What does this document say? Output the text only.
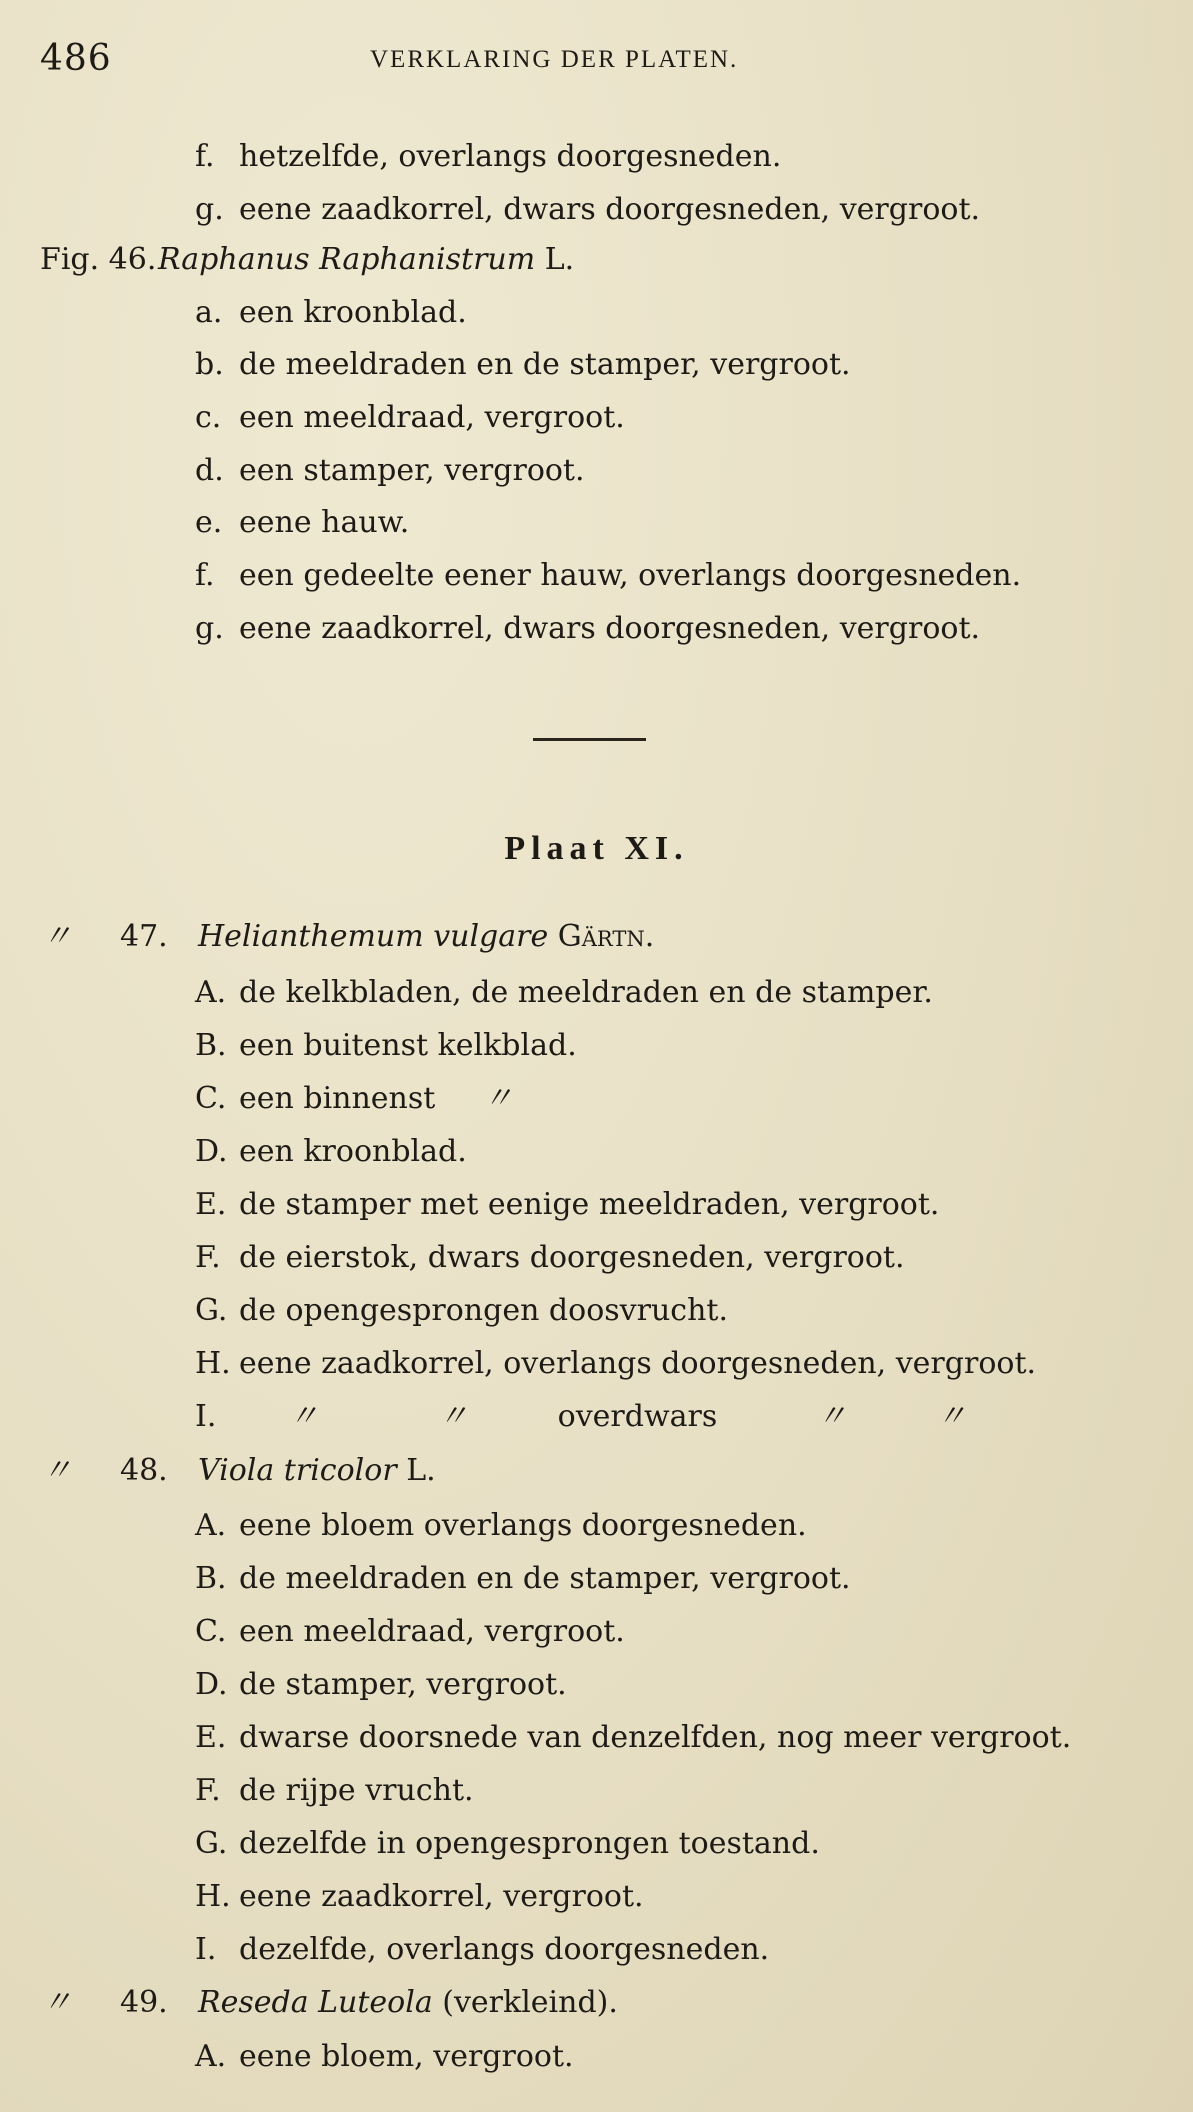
486	VERKLARING DER PLATEN.
f. hetzelfde, overlangs doorgesneden.
g. eene zaadkorrel, dwars doorgesneden, vergroot.
Fig. 46.Raphanus Raphanistrum L.
a. een kroonblad.
b. de meeldraden en de stamper, vergroot.
c. een meeldraad, vergroot.
d. een stamper, vergroot.
e. eene hauw.
f. een gedeelte eener hauw, overlangs doorgesneden.
g. eene zaadkorrel, dwars doorgesneden, vergroot.
Plaat XI.
〃 47. Helianthemum vulgare Gärtn.
A. de kelkbladen, de meeldraden en de stamper.
B. een buitenst kelkblad.
C. een binnenst 〃
D. een kroonblad.
E. de stamper met eenige meeldraden, vergroot.
F. de eierstok, dwars doorgesneden, vergroot.
G. de opengesprongen doosvrucht.
H. eene zaadkorrel, overlangs doorgesneden, vergroot.
I. 〃	〃	overdwars	〃	〃
〃 48. Viola tricolor L.
A. eene bloem overlangs doorgesneden.
B. de meeldraden en de stamper, vergroot.
C. een meeldraad, vergroot.
D. de stamper, vergroot.
E. dwarse doorsnede van denzelfden, nog meer vergroot.
F. de rijpe vrucht.
G. dezelfde in opengesprongen toestand.
H. eene zaadkorrel, vergroot.
I. dezelfde, overlangs doorgesneden.
〃 49. Reseda Luteola (verkleind).
A. eene bloem, vergroot.
